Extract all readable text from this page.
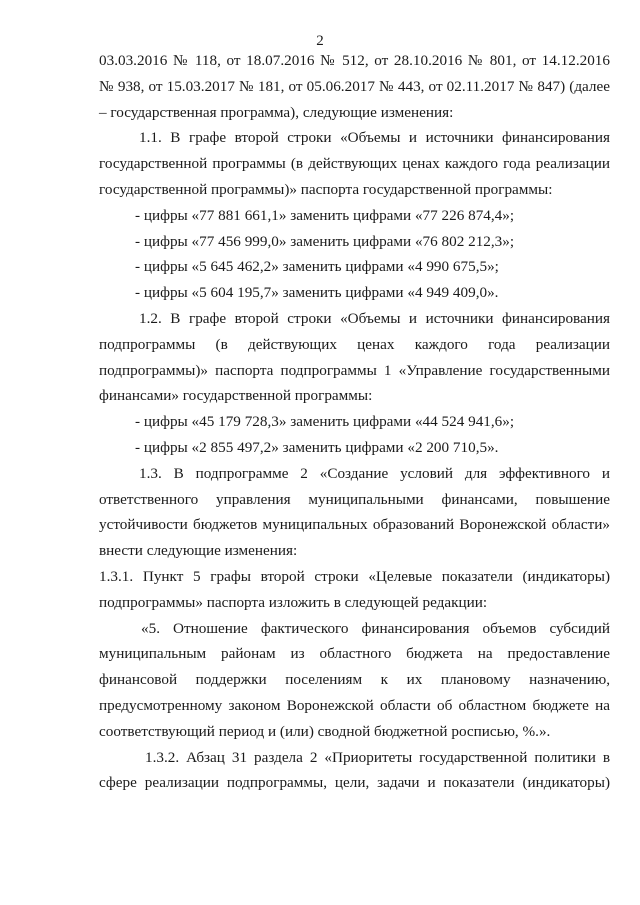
2
03.03.2016 № 118, от 18.07.2016 № 512, от 28.10.2016 № 801, от 14.12.2016
№ 938, от 15.03.2017 № 181, от 05.06.2017 № 443, от 02.11.2017 № 847) (далее
– государственная программа), следующие изменения:
1.1. В графе второй строки «Объемы и источники финансирования
государственной программы (в действующих ценах каждого года реализации
государственной программы)» паспорта государственной программы:
- цифры «77 881 661,1» заменить цифрами «77 226 874,4»;
- цифры «77 456 999,0» заменить цифрами «76 802 212,3»;
- цифры «5 645 462,2» заменить цифрами «4 990 675,5»;
- цифры «5 604 195,7» заменить цифрами «4 949 409,0».
1.2. В графе второй строки «Объемы и источники финансирования
подпрограммы (в действующих ценах каждого года реализации
подпрограммы)» паспорта подпрограммы 1 «Управление государственными
финансами» государственной программы:
- цифры «45 179 728,3» заменить цифрами «44 524 941,6»;
- цифры «2 855 497,2» заменить цифрами «2 200 710,5».
1.3. В подпрограмме 2 «Создание условий для эффективного и
ответственного управления муниципальными финансами, повышение
устойчивости бюджетов муниципальных образований Воронежской области»
внести следующие изменения:
1.3.1. Пункт 5 графы второй строки «Целевые показатели (индикаторы)
подпрограммы» паспорта изложить в следующей редакции:
«5. Отношение фактического финансирования объемов субсидий
муниципальным районам из областного бюджета на предоставление
финансовой поддержки поселениям к их плановому назначению,
предусмотренному законом Воронежской области об областном бюджете на
соответствующий период и (или) сводной бюджетной росписью, %.».
1.3.2. Абзац 31 раздела 2 «Приоритеты государственной политики в
сфере реализации подпрограммы, цели, задачи и показатели (индикаторы)
